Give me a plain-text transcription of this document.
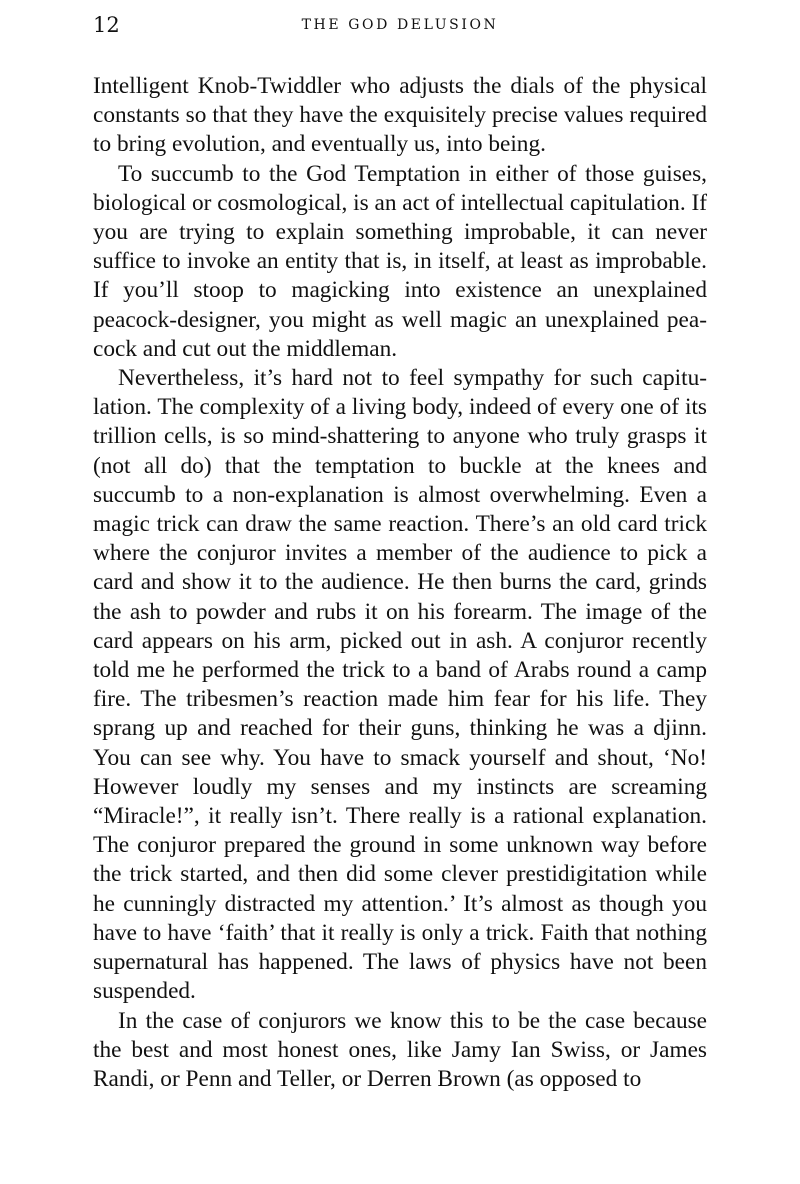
12	THE GOD DELUSION

Intelligent Knob-Twiddler who adjusts the dials of the physical constants so that they have the exquisitely precise values required to bring evolution, and eventually us, into being.

To succumb to the God Temptation in either of those guises, biological or cosmological, is an act of intellectual capitulation. If you are trying to explain something improbable, it can never suffice to invoke an entity that is, in itself, at least as improbable. If you’ll stoop to magicking into existence an unexplained peacock-designer, you might as well magic an unexplained peacock and cut out the middleman.

Nevertheless, it’s hard not to feel sympathy for such capitulation. The complexity of a living body, indeed of every one of its trillion cells, is so mind-shattering to anyone who truly grasps it (not all do) that the temptation to buckle at the knees and succumb to a non-explanation is almost overwhelming. Even a magic trick can draw the same reaction. There’s an old card trick where the conjuror invites a member of the audience to pick a card and show it to the audience. He then burns the card, grinds the ash to powder and rubs it on his forearm. The image of the card appears on his arm, picked out in ash. A conjuror recently told me he performed the trick to a band of Arabs round a camp fire. The tribesmen’s reaction made him fear for his life. They sprang up and reached for their guns, thinking he was a djinn. You can see why. You have to smack yourself and shout, ‘No! However loudly my senses and my instincts are screaming “Miracle!”, it really isn’t. There really is a rational explanation. The conjuror prepared the ground in some unknown way before the trick started, and then did some clever prestidigitation while he cunningly distracted my attention.’ It’s almost as though you have to have ‘faith’ that it really is only a trick. Faith that nothing supernatural has happened. The laws of physics have not been suspended.

In the case of conjurors we know this to be the case because the best and most honest ones, like Jamy Ian Swiss, or James Randi, or Penn and Teller, or Derren Brown (as opposed to
